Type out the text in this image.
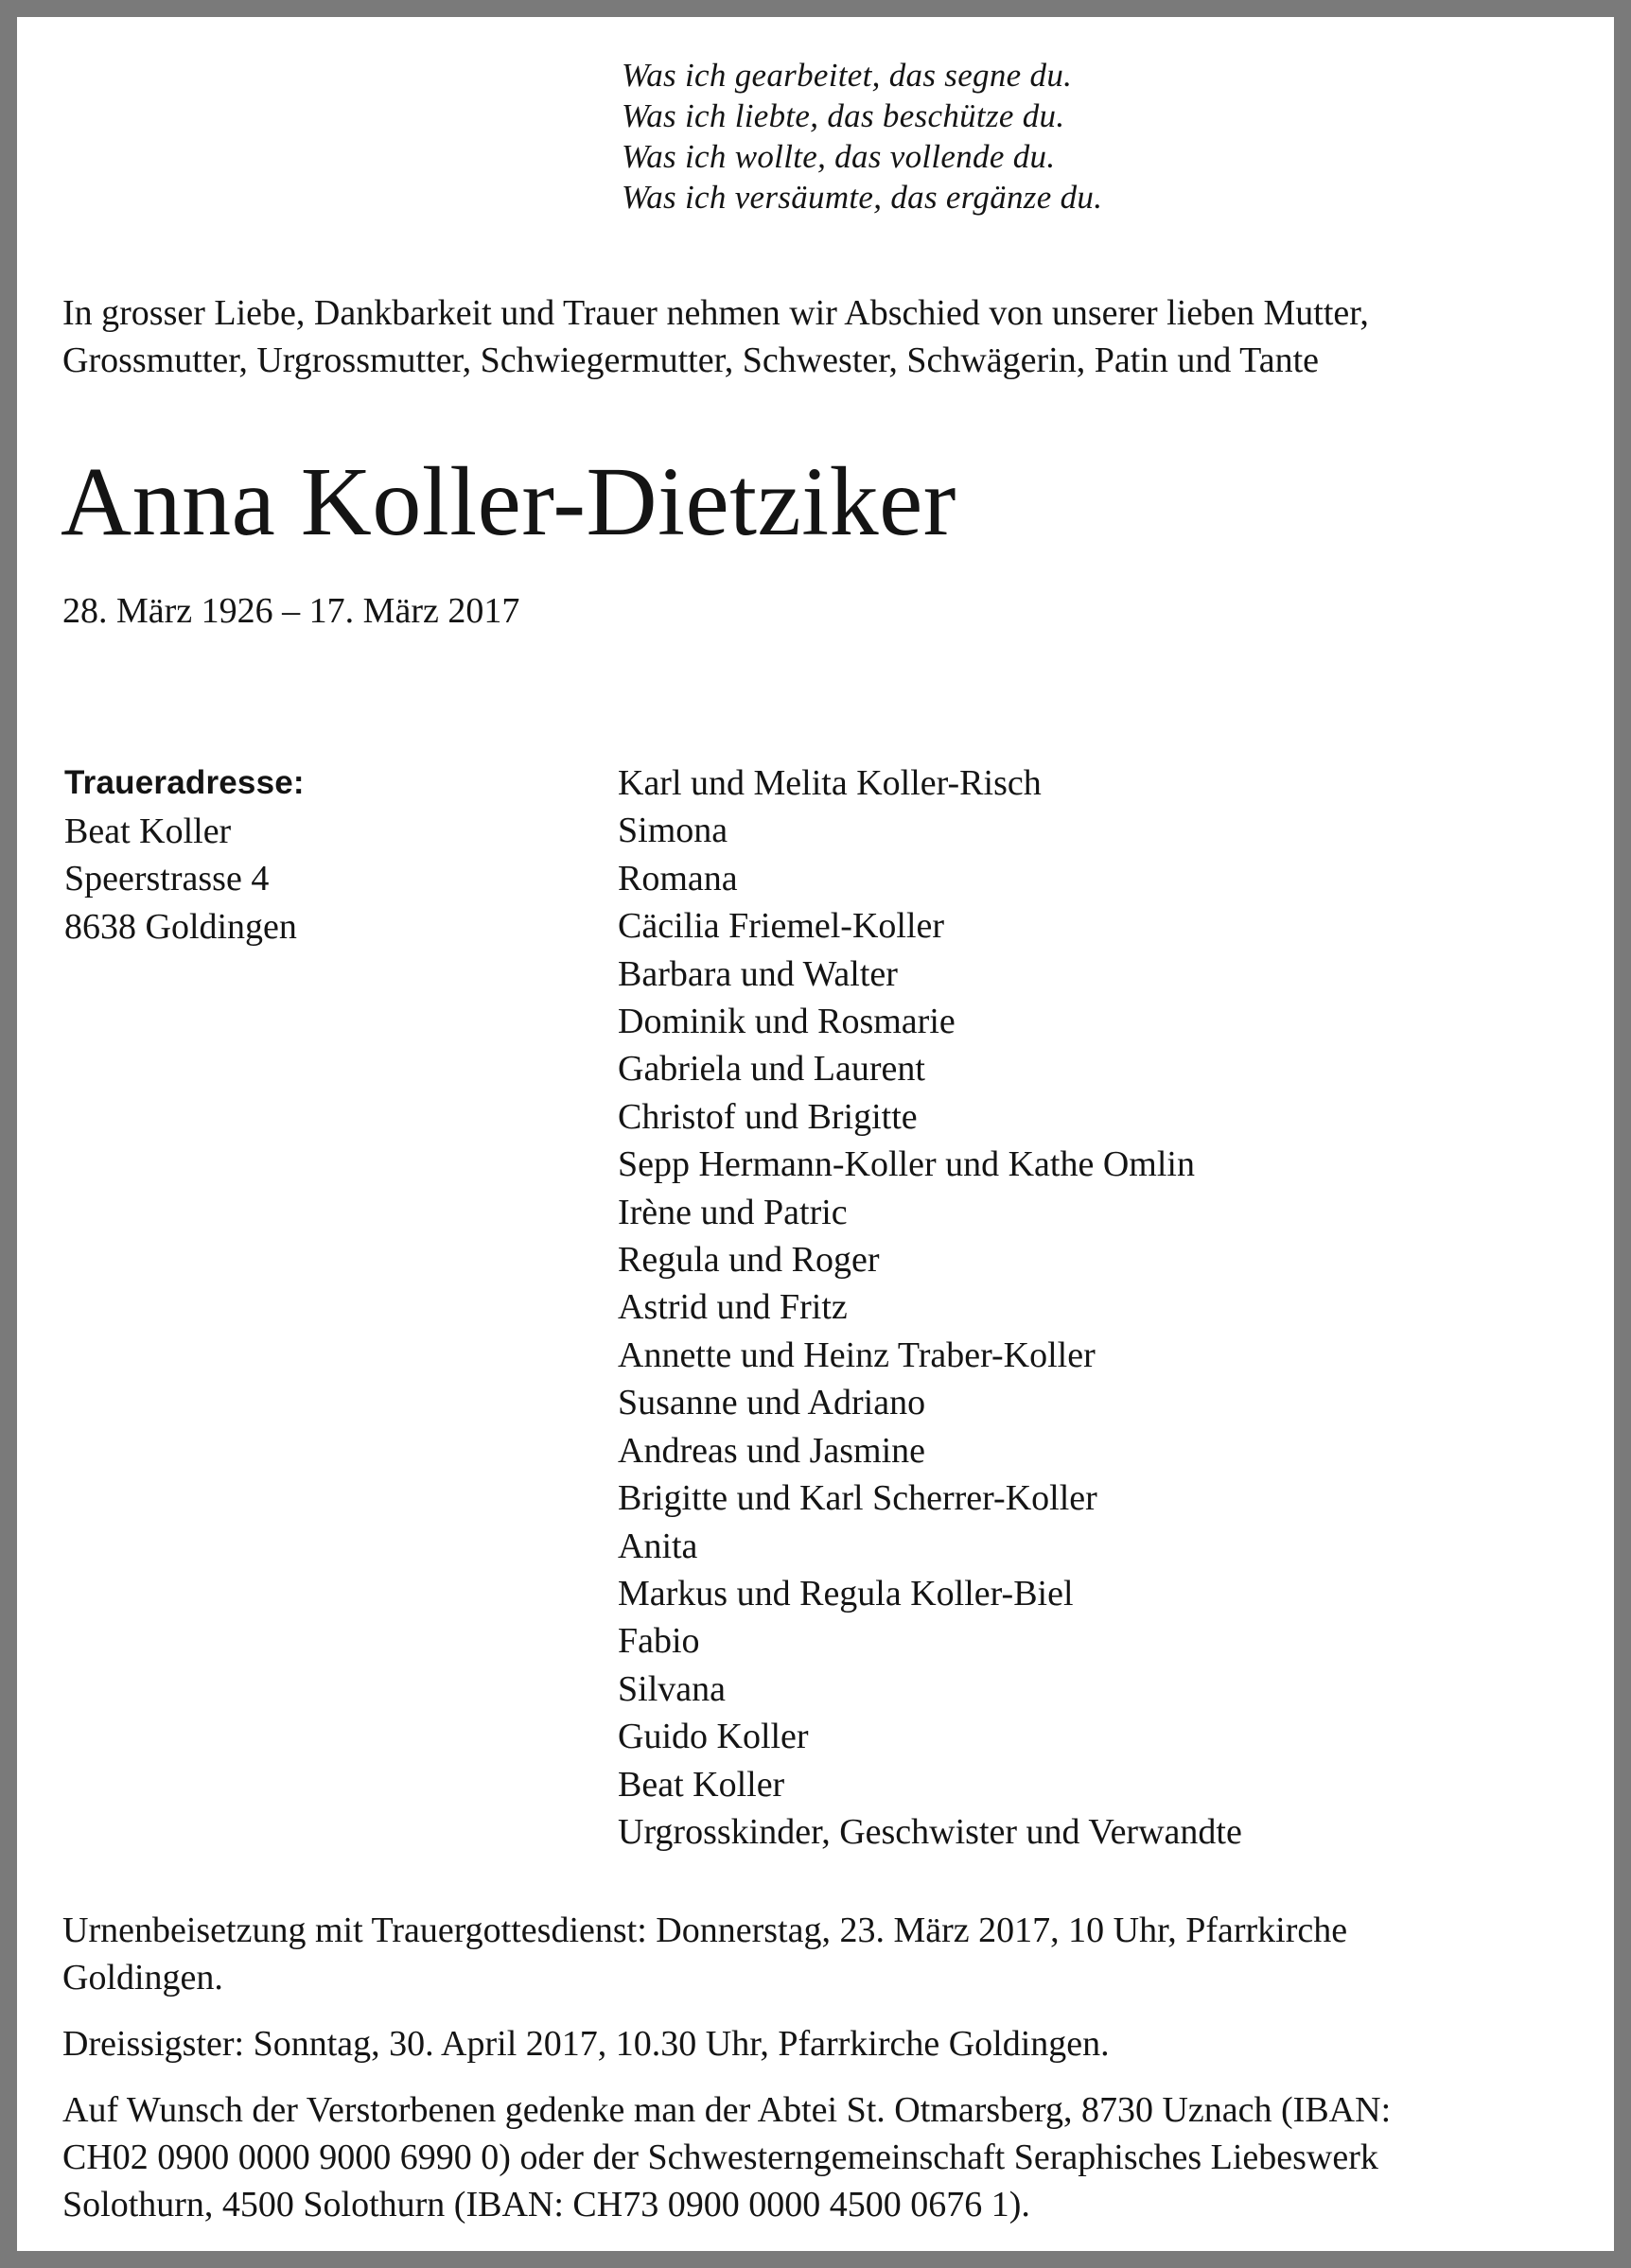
Was ich gearbeitet, das segne du.
Was ich liebte, das beschütze du.
Was ich wollte, das vollende du.
Was ich versäumte, das ergänze du.
In grosser Liebe, Dankbarkeit und Trauer nehmen wir Abschied von unserer lieben Mutter,
Grossmutter, Urgrossmutter, Schwiegermutter, Schwester, Schwägerin, Patin und Tante
Anna Koller-Dietziker
28. März 1926 – 17. März 2017
Traueradresse:
Beat Koller
Speerstrasse 4
8638 Goldingen
Karl und Melita Koller-Risch
Simona
Romana
Cäcilia Friemel-Koller
Barbara und Walter
Dominik und Rosmarie
Gabriela und Laurent
Christof und Brigitte
Sepp Hermann-Koller und Kathe Omlin
Irène und Patric
Regula und Roger
Astrid und Fritz
Annette und Heinz Traber-Koller
Susanne und Adriano
Andreas und Jasmine
Brigitte und Karl Scherrer-Koller
Anita
Markus und Regula Koller-Biel
Fabio
Silvana
Guido Koller
Beat Koller
Urgrosskinder, Geschwister und Verwandte
Urnenbeisetzung mit Trauergottesdienst: Donnerstag, 23. März 2017, 10 Uhr, Pfarrkirche
Goldingen.
Dreissigster: Sonntag, 30. April 2017, 10.30 Uhr, Pfarrkirche Goldingen.
Auf Wunsch der Verstorbenen gedenke man der Abtei St. Otmarsberg, 8730 Uznach (IBAN:
CH02 0900 0000 9000 6990 0) oder der Schwesterngemeinschaft Seraphisches Liebeswerk
Solothurn, 4500 Solothurn (IBAN: CH73 0900 0000 4500 0676 1).
